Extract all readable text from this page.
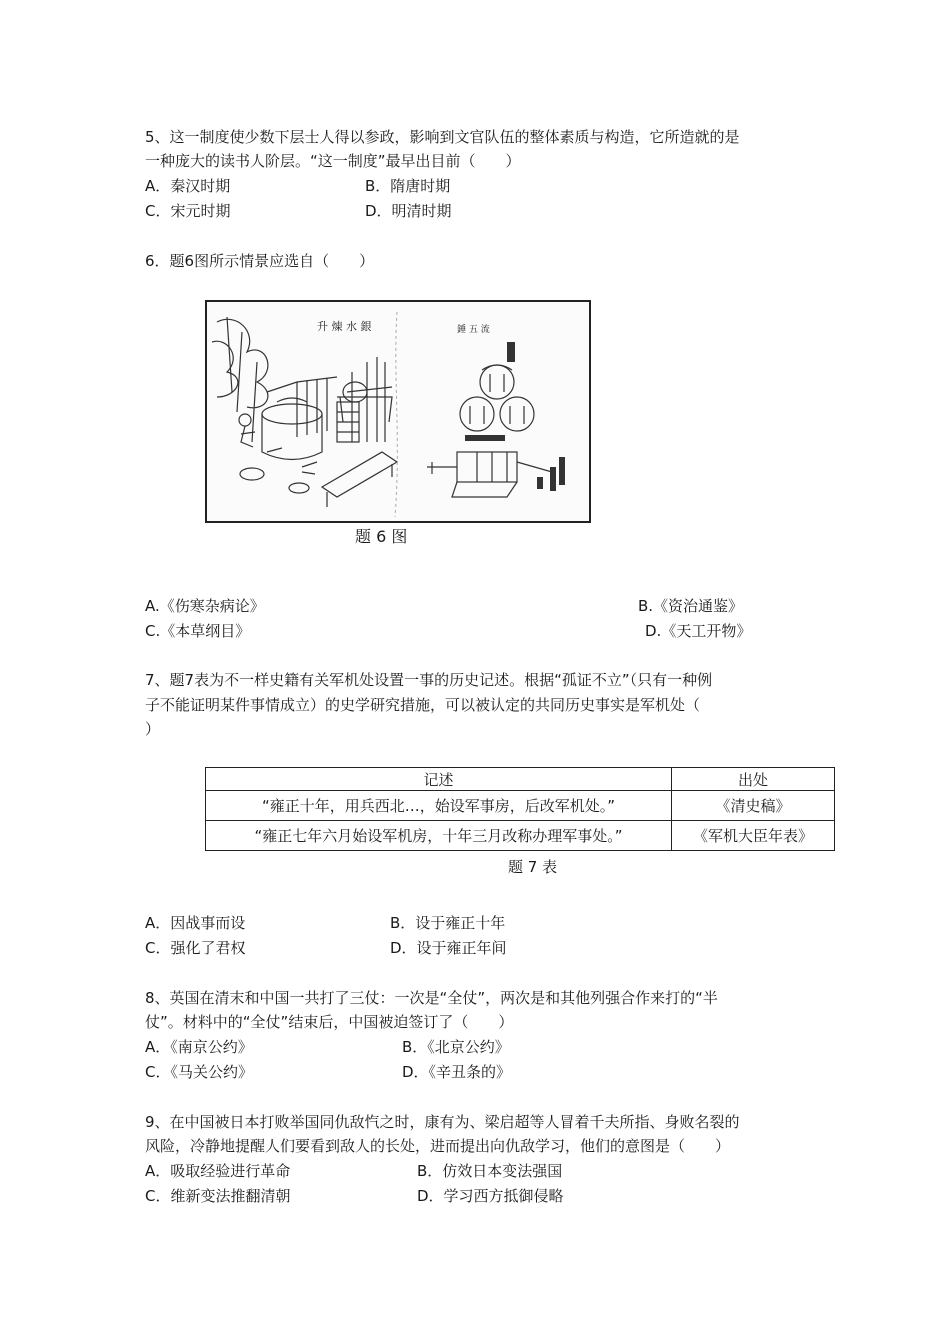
5、这一制度使少数下层士人得以参政，影响到文官队伍的整体素质与构造，它所造就的是
一种庞大的读书人阶层。“这一制度”最早出目前（　　）
A．秦汉时期	B．隋唐时期
C．宋元时期	D．明清时期
6．题6图所示情景应选自（　　）
升 煉 水 銀	錘 五 流
题 6 图
A.《伤寒杂病论》	B.《资治通鉴》
C.《本草纲目》	D.《天工开物》
7、题7表为不一样史籍有关军机处设置一事的历史记述。根据“孤证不立”（只有一种例
子不能证明某件事情成立）的史学研究措施，可以被认定的共同历史事实是军机处（
）
记述	出处
“雍正十年，用兵西北…，始设军事房，后改军机处。”	《清史稿》
“雍正七年六月始设军机房，十年三月改称办理军事处。”	《军机大臣年表》
题 7 表
A．因战事而设	B．设于雍正十年
C．强化了君权	D．设于雍正年间
8、英国在清末和中国一共打了三仗：一次是“全仗”，两次是和其他列强合作来打的“半
仗”。材料中的“全仗”结束后，中国被迫签订了（　　）
A．《南京公约》	B．《北京公约》
C．《马关公约》	D．《辛丑条的》
9、在中国被日本打败举国同仇敌忾之时，康有为、梁启超等人冒着千夫所指、身败名裂的
风险，冷静地提醒人们要看到敌人的长处，进而提出向仇敌学习，他们的意图是（　　）
A．吸取经验进行革命	B．仿效日本变法强国
C．维新变法推翻清朝	D．学习西方抵御侵略
